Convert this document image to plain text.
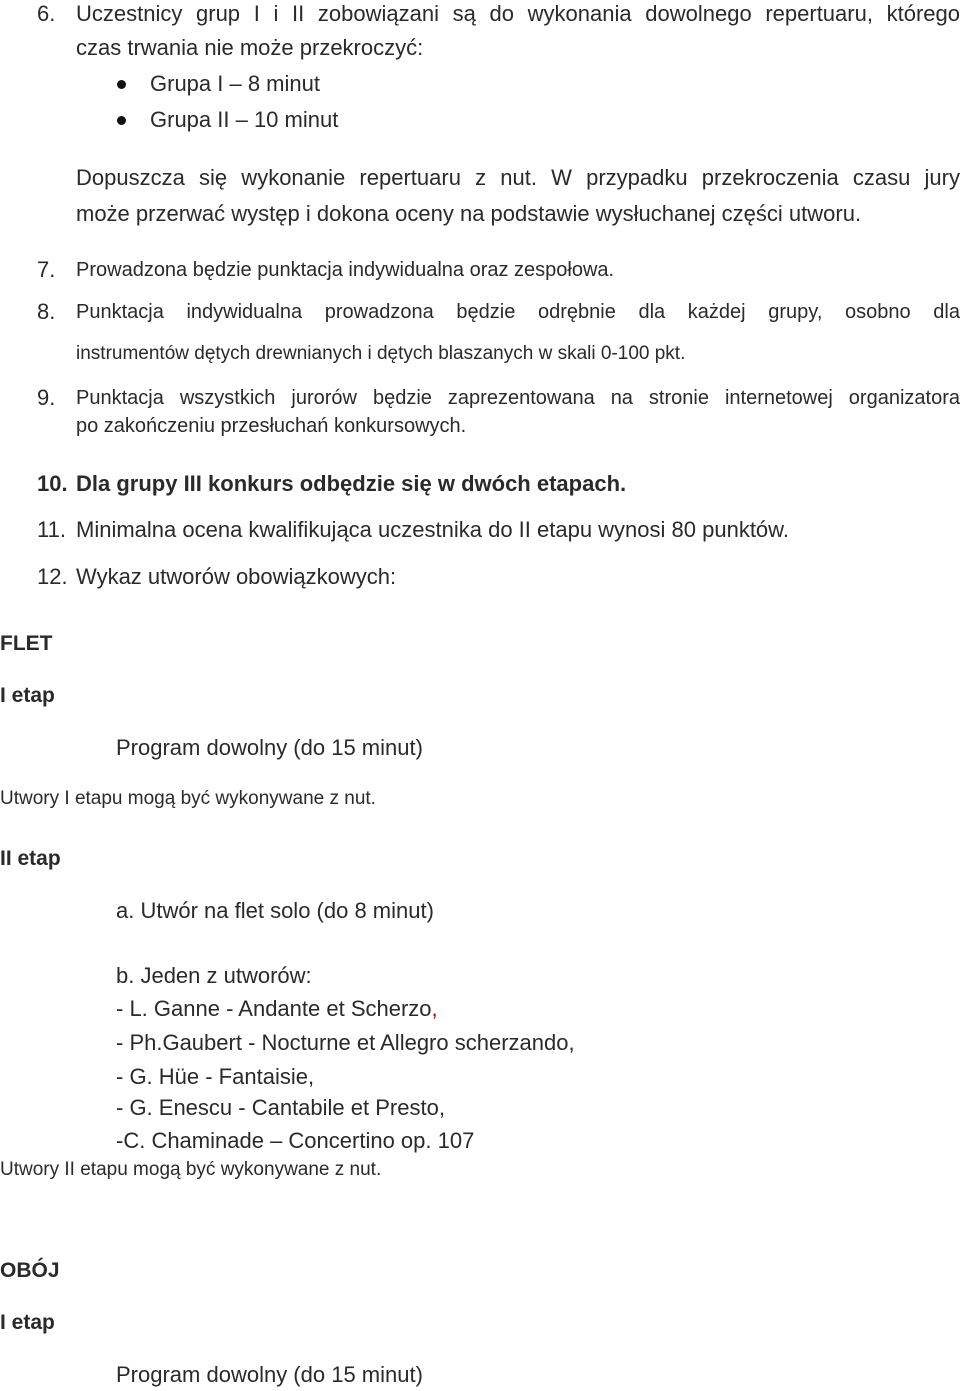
6. Uczestnicy grup I i II zobowiązani są do wykonania dowolnego repertuaru, którego
czas trwania nie może przekroczyć:
Grupa I – 8 minut
Grupa II – 10 minut
Dopuszcza się wykonanie repertuaru z nut. W przypadku przekroczenia czasu jury
może przerwać występ i dokona oceny na podstawie wysłuchanej części utworu.
7. Prowadzona będzie punktacja indywidualna oraz zespołowa.
8. Punktacja indywidualna prowadzona będzie odrębnie dla każdej grupy, osobno dla
instrumentów dętych drewnianych i dętych blaszanych w skali 0-100 pkt.
9. Punktacja wszystkich jurorów będzie zaprezentowana na stronie internetowej organizatora
po zakończeniu przesłuchań konkursowych.
10. Dla grupy III konkurs odbędzie się w dwóch etapach.
11. Minimalna ocena kwalifikująca uczestnika do II etapu wynosi 80 punktów.
12. Wykaz utworów obowiązkowych:
FLET
I etap
Program dowolny (do 15 minut)
Utwory I etapu mogą być wykonywane z nut.
II etap
a. Utwór na flet solo (do 8 minut)
b. Jeden z utworów:
- L. Ganne - Andante et Scherzo,
- Ph.Gaubert - Nocturne et Allegro scherzando,
- G. Hüe - Fantaisie,
- G. Enescu - Cantabile et Presto,
-C. Chaminade – Concertino op. 107
Utwory II etapu mogą być wykonywane z nut.
OBÓJ
I etap
Program dowolny (do 15 minut)
